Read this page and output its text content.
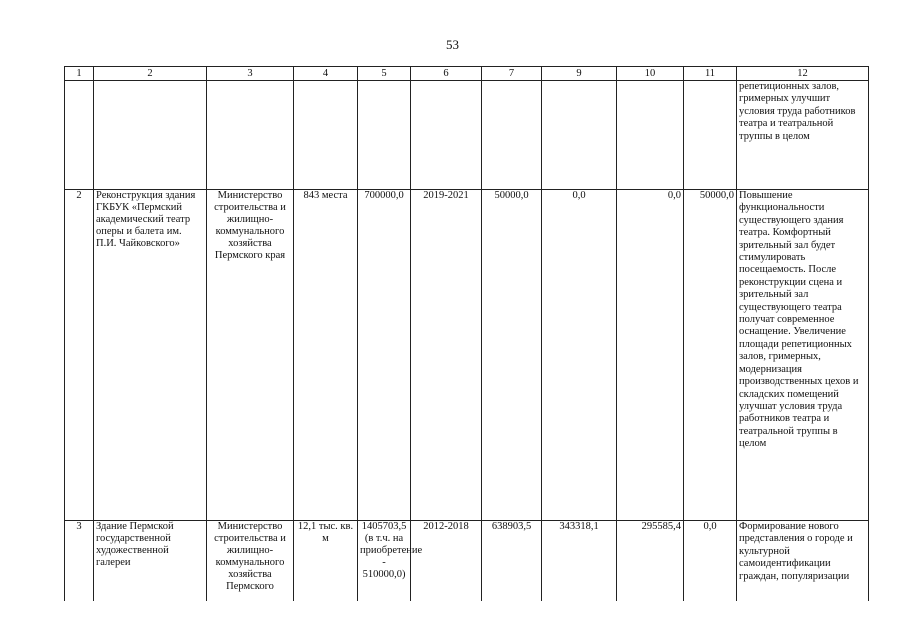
53
1	2	3	4	5	6	7	9	10	11	12
										репетиционных залов, гримерных улучшит условия труда работников театра и театральной труппы в целом
2	Реконструкция здания ГКБУК «Пермский академический театр оперы и балета им. П.И. Чайковского»	Министерство строительства и жилищно-коммунального хозяйства Пермского края	843 места	700000,0	2019-2021	50000,0	0,0	0,0	50000,0	Повышение функциональности существующего здания театра. Комфортный зрительный зал будет стимулировать посещаемость. После реконструкции сцена и зрительный зал существующего театра получат современное оснащение. Увеличение площади репетиционных залов, гримерных, модернизация производственных цехов и складских помещений улучшат условия труда работников театра и театральной труппы в целом
3	Здание Пермской государственной художественной галереи	Министерство строительства и жилищно-коммунального хозяйства Пермского	12,1 тыс. кв. м	1405703,5 (в т.ч. на приобретение - 510000,0)	2012-2018	638903,5	343318,1	295585,4	0,0	Формирование нового представления о городе и культурной самоидентификации граждан, популяризации
